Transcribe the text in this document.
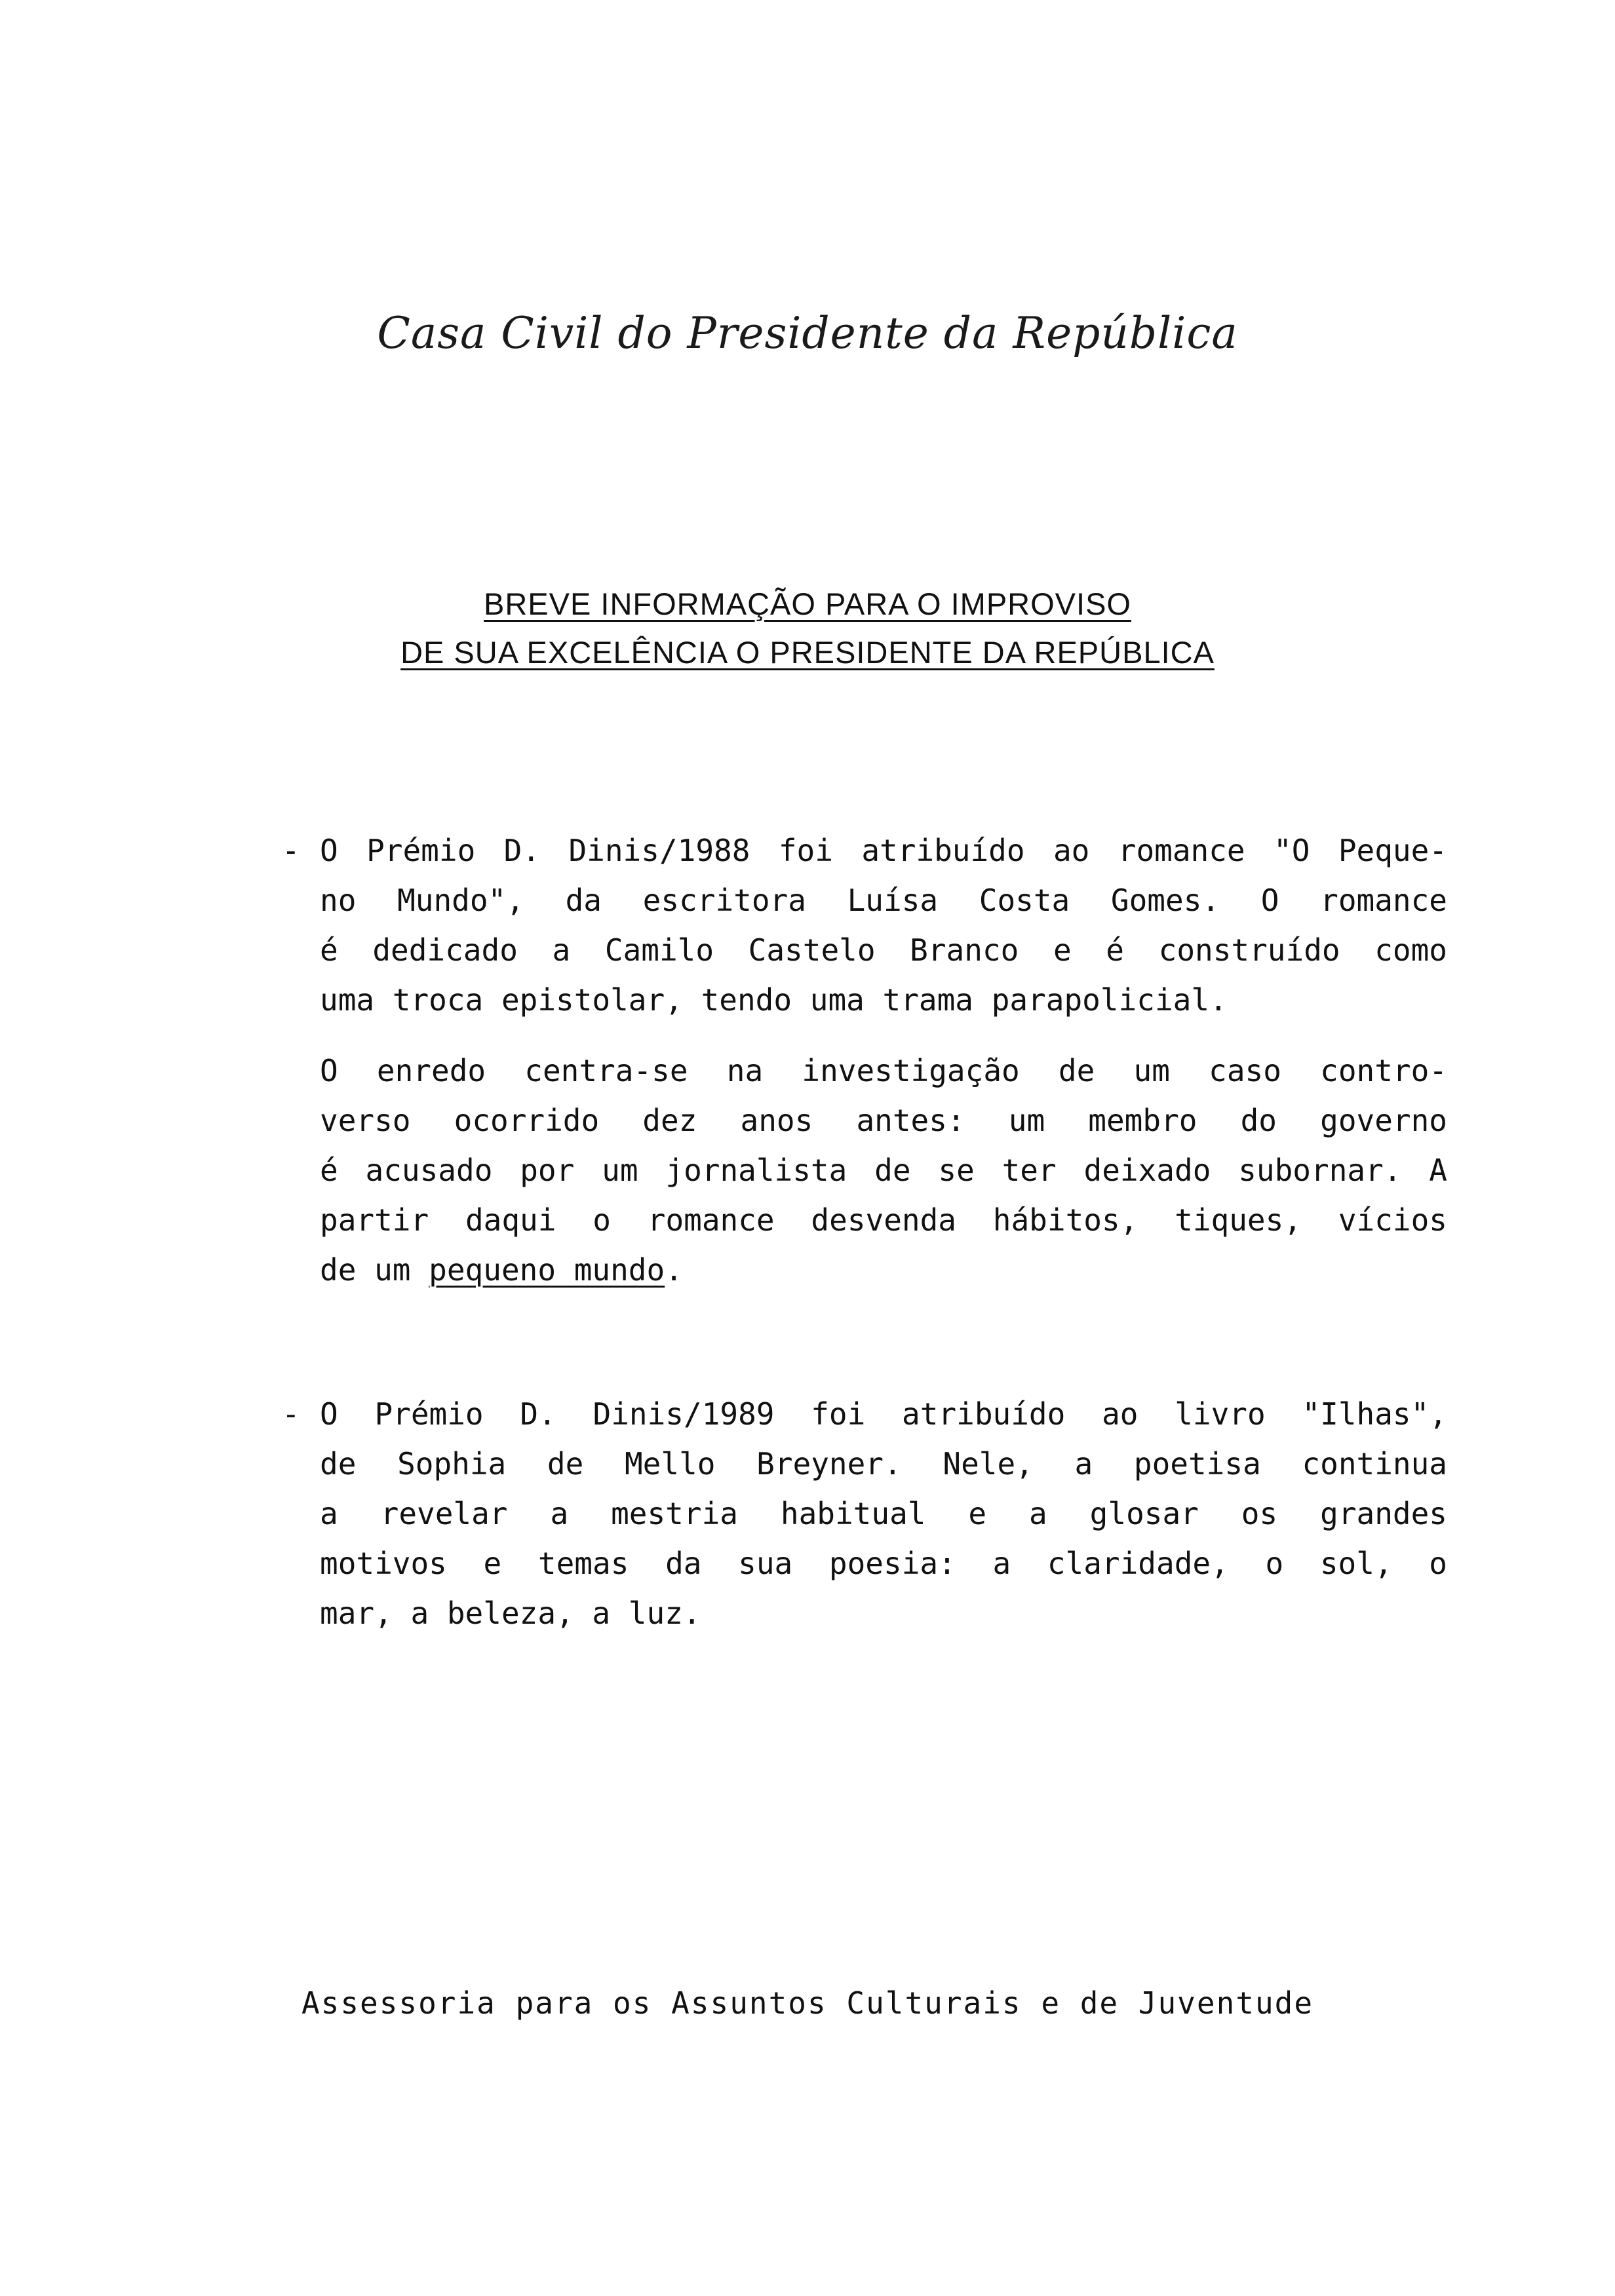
Casa Civil do Presidente da República
BREVE INFORMAÇÃO PARA O IMPROVISO
DE SUA EXCELÊNCIA O PRESIDENTE DA REPÚBLICA
- O Prémio D. Dinis/1988 foi atribuído ao romance "O Peque-
no Mundo", da escritora Luísa Costa Gomes. O romance
é dedicado a Camilo Castelo Branco e é construído como
uma troca epistolar, tendo uma trama parapolicial.
O enredo centra-se na investigação de um caso contro-
verso ocorrido dez anos antes: um membro do governo
é acusado por um jornalista de se ter deixado subornar. A
partir daqui o romance desvenda hábitos, tiques, vícios
de um pequeno mundo.
- O Prémio D. Dinis/1989 foi atribuído ao livro "Ilhas",
de Sophia de Mello Breyner. Nele, a poetisa continua
a revelar a mestria habitual e a glosar os grandes
motivos e temas da sua poesia: a claridade, o sol, o
mar, a beleza, a luz.
Assessoria para os Assuntos Culturais e de Juventude
